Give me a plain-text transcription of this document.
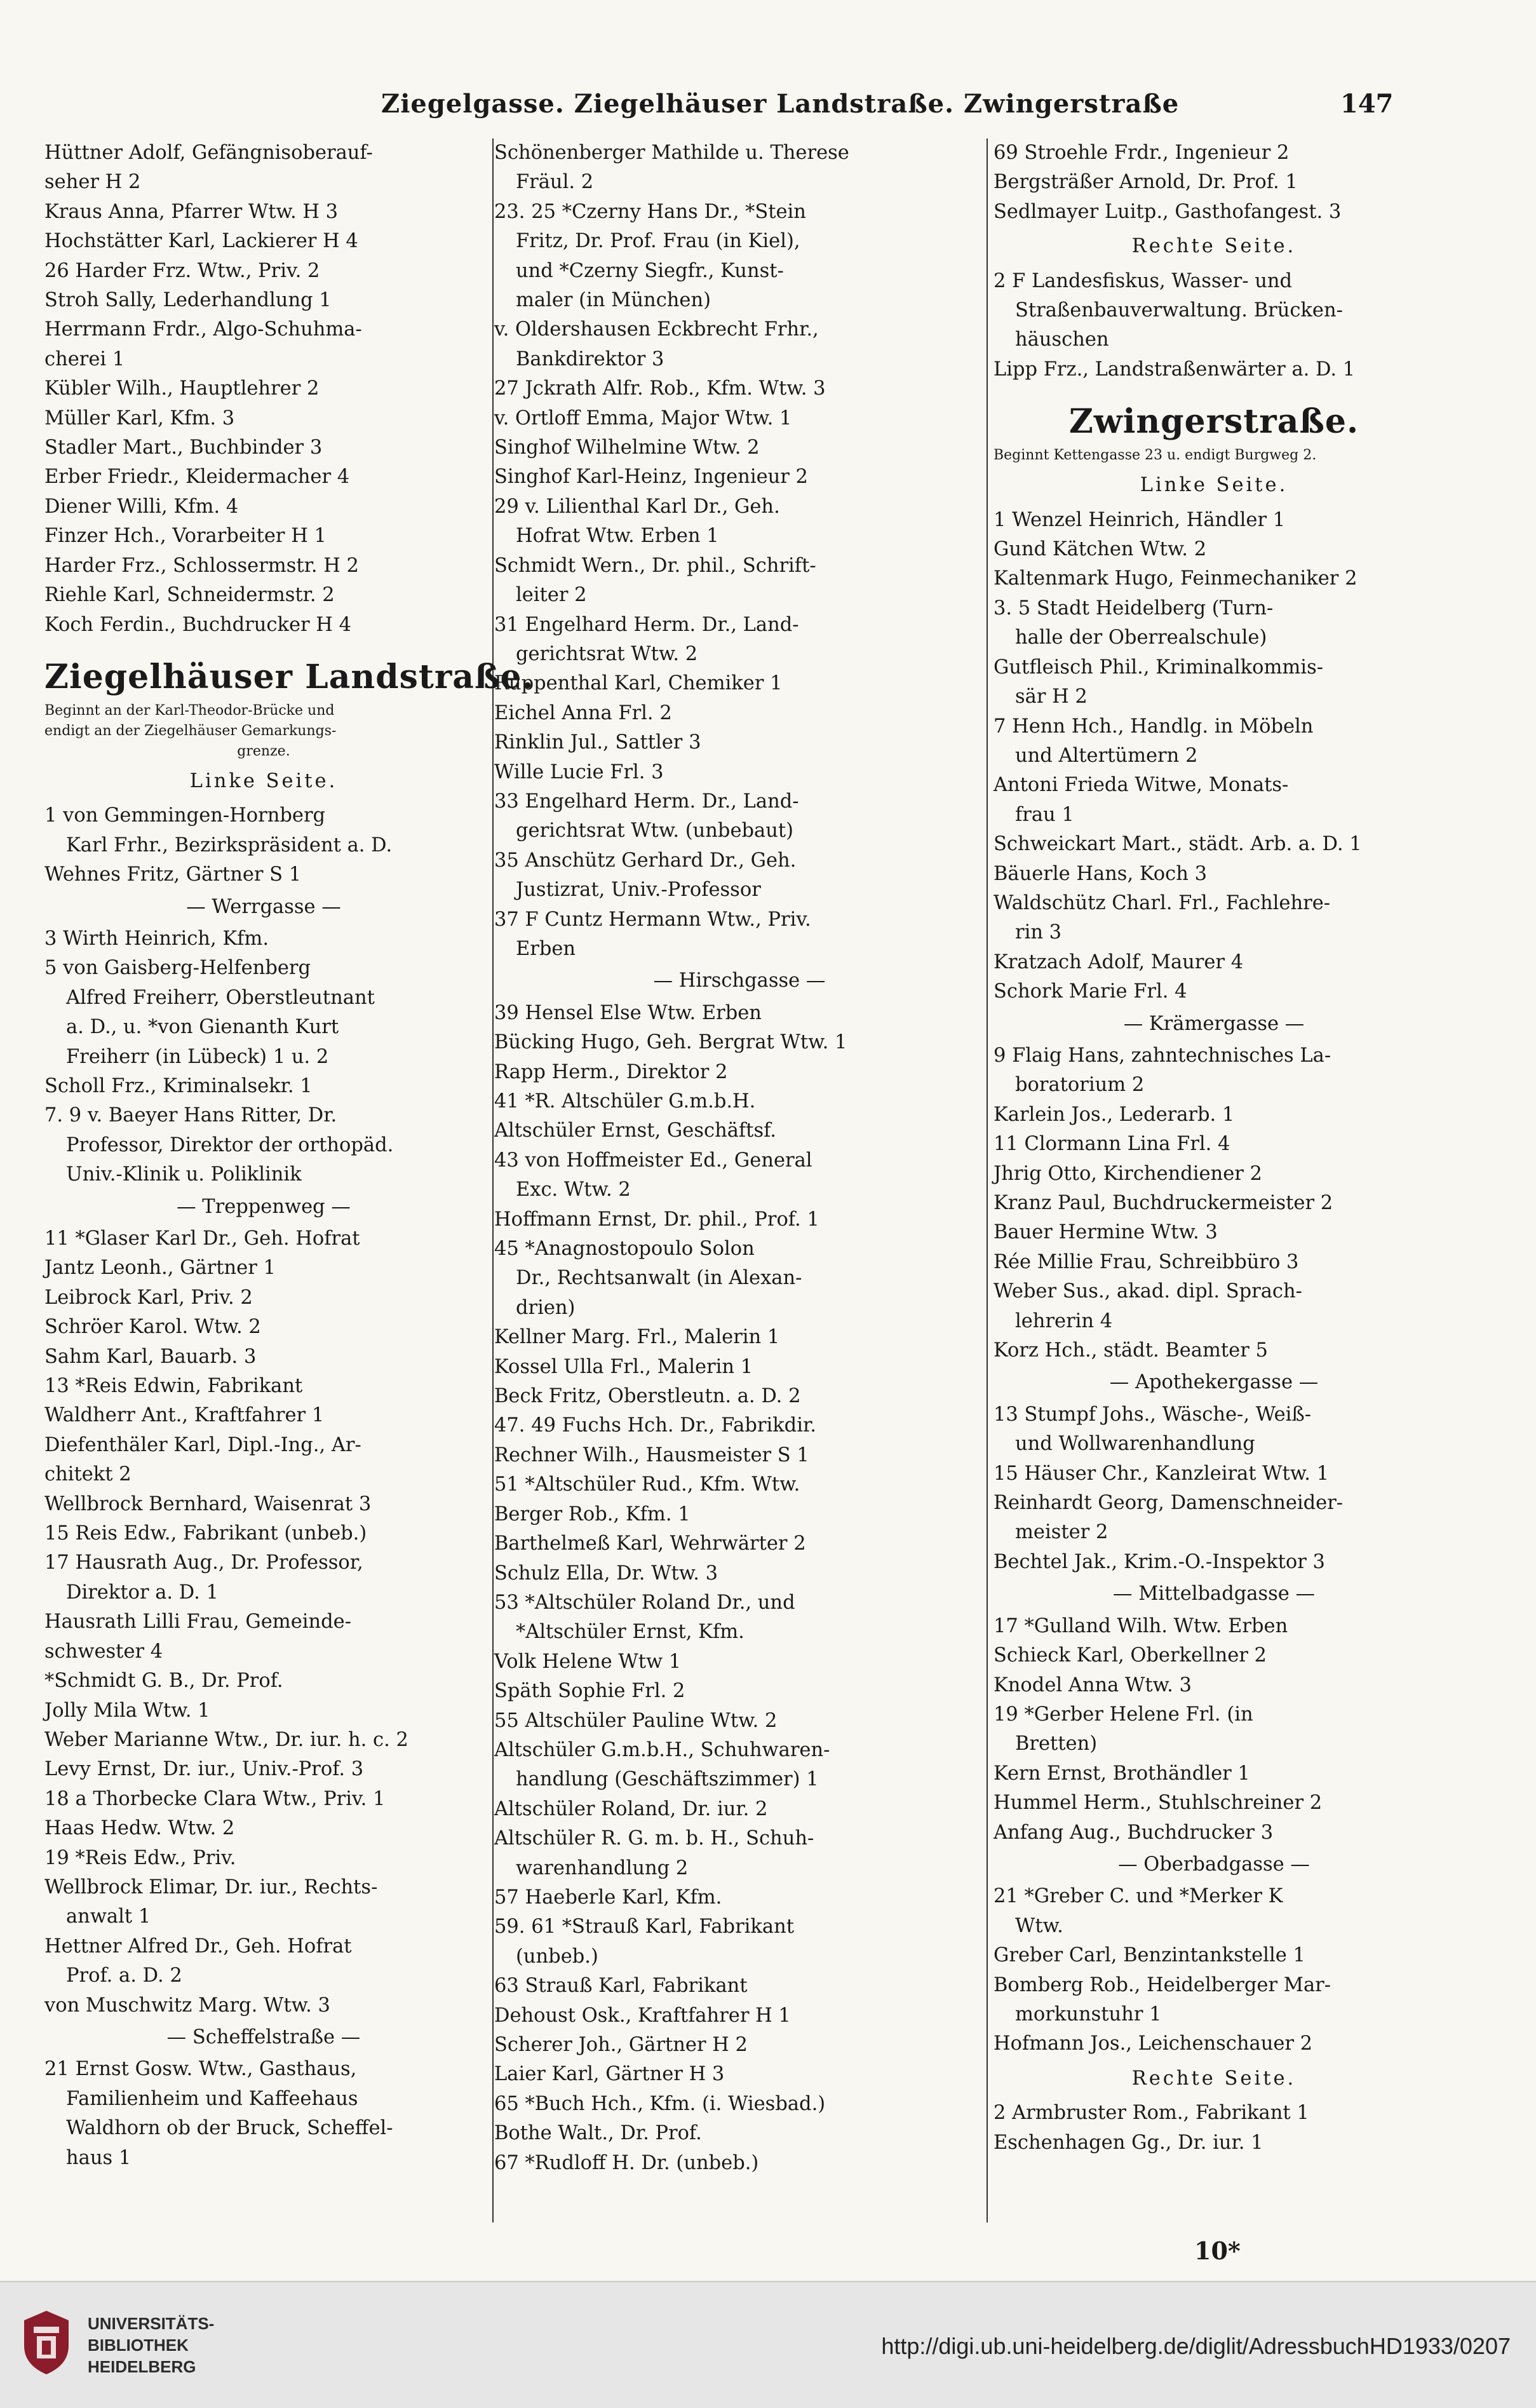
Ziegelgasse. Ziegelhäuser Landstraße. Zwingerstraße	147
Hüttner Adolf, Gefängnisoberauf-
seher H 2
Kraus Anna, Pfarrer Wtw. H 3
Hochstätter Karl, Lackierer H 4
26 Harder Frz. Wtw., Priv. 2
Stroh Sally, Lederhandlung 1
Herrmann Frdr., Algo-Schuhma-
cherei 1
Kübler Wilh., Hauptlehrer 2
Müller Karl, Kfm. 3
Stadler Mart., Buchbinder 3
Erber Friedr., Kleidermacher 4
Diener Willi, Kfm. 4
Finzer Hch., Vorarbeiter H 1
Harder Frz., Schlossermstr. H 2
Riehle Karl, Schneidermstr. 2
Koch Ferdin., Buchdrucker H 4
Ziegelhäuser Landstraße.
Beginnt an der Karl-Theodor-Brücke und
endigt an der Ziegelhäuser Gemarkungs-
grenze.
Linke Seite.
1 von Gemmingen-Hornberg
Karl Frhr., Bezirkspräsident a. D.
Wehnes Fritz, Gärtner S 1
— Werrgasse —
3 Wirth Heinrich, Kfm.
5 von Gaisberg-Helfenberg
Alfred Freiherr, Oberstleutnant
a. D., u. *von Gienanth Kurt
Freiherr (in Lübeck) 1 u. 2
Scholl Frz., Kriminalsekr. 1
7. 9 v. Baeyer Hans Ritter, Dr.
Professor, Direktor der orthopäd.
Univ.-Klinik u. Poliklinik
— Treppenweg —
11 *Glaser Karl Dr., Geh. Hofrat
Jantz Leonh., Gärtner 1
Leibrock Karl, Priv. 2
Schröer Karol. Wtw. 2
Sahm Karl, Bauarb. 3
13 *Reis Edwin, Fabrikant
Waldherr Ant., Kraftfahrer 1
Diefenthäler Karl, Dipl.-Ing., Ar-
chitekt 2
Wellbrock Bernhard, Waisenrat 3
15 Reis Edw., Fabrikant (unbeb.)
17 Hausrath Aug., Dr. Professor,
Direktor a. D. 1
Hausrath Lilli Frau, Gemeinde-
schwester 4
*Schmidt G. B., Dr. Prof.
Jolly Mila Wtw. 1
Weber Marianne Wtw., Dr. iur. h. c. 2
Levy Ernst, Dr. iur., Univ.-Prof. 3
18 a Thorbecke Clara Wtw., Priv. 1
Haas Hedw. Wtw. 2
19 *Reis Edw., Priv.
Wellbrock Elimar, Dr. iur., Rechts-
anwalt 1
Hettner Alfred Dr., Geh. Hofrat
Prof. a. D. 2
von Muschwitz Marg. Wtw. 3
— Scheffelstraße —
21 Ernst Gosw. Wtw., Gasthaus,
Familienheim und Kaffeehaus
Waldhorn ob der Bruck, Scheffel-
haus 1
Schönenberger Mathilde u. Therese
Fräul. 2
23. 25 *Czerny Hans Dr., *Stein
Fritz, Dr. Prof. Frau (in Kiel),
und *Czerny Siegfr., Kunst-
maler (in München)
v. Oldershausen Eckbrecht Frhr.,
Bankdirektor 3
27 Jckrath Alfr. Rob., Kfm. Wtw. 3
v. Ortloff Emma, Major Wtw. 1
Singhof Wilhelmine Wtw. 2
Singhof Karl-Heinz, Ingenieur 2
29 v. Lilienthal Karl Dr., Geh.
Hofrat Wtw. Erben 1
Schmidt Wern., Dr. phil., Schrift-
leiter 2
31 Engelhard Herm. Dr., Land-
gerichtsrat Wtw. 2
Ruppenthal Karl, Chemiker 1
Eichel Anna Frl. 2
Rinklin Jul., Sattler 3
Wille Lucie Frl. 3
33 Engelhard Herm. Dr., Land-
gerichtsrat Wtw. (unbebaut)
35 Anschütz Gerhard Dr., Geh.
Justizrat, Univ.-Professor
37 F Cuntz Hermann Wtw., Priv.
Erben
— Hirschgasse —
39 Hensel Else Wtw. Erben
Bücking Hugo, Geh. Bergrat Wtw. 1
Rapp Herm., Direktor 2
41 *R. Altschüler G.m.b.H.
Altschüler Ernst, Geschäftsf.
43 von Hoffmeister Ed., General
Exc. Wtw. 2
Hoffmann Ernst, Dr. phil., Prof. 1
45 *Anagnostopoulo Solon
Dr., Rechtsanwalt (in Alexan-
drien)
Kellner Marg. Frl., Malerin 1
Kossel Ulla Frl., Malerin 1
Beck Fritz, Oberstleutn. a. D. 2
47. 49 Fuchs Hch. Dr., Fabrikdir.
Rechner Wilh., Hausmeister S 1
51 *Altschüler Rud., Kfm. Wtw.
Berger Rob., Kfm. 1
Barthelmeß Karl, Wehrwärter 2
Schulz Ella, Dr. Wtw. 3
53 *Altschüler Roland Dr., und
*Altschüler Ernst, Kfm.
Volk Helene Wtw 1
Späth Sophie Frl. 2
55 Altschüler Pauline Wtw. 2
Altschüler G.m.b.H., Schuhwaren-
handlung (Geschäftszimmer) 1
Altschüler Roland, Dr. iur. 2
Altschüler R. G. m. b. H., Schuh-
warenhandlung 2
57 Haeberle Karl, Kfm.
59. 61 *Strauß Karl, Fabrikant
(unbeb.)
63 Strauß Karl, Fabrikant
Dehoust Osk., Kraftfahrer H 1
Scherer Joh., Gärtner H 2
Laier Karl, Gärtner H 3
65 *Buch Hch., Kfm. (i. Wiesbad.)
Bothe Walt., Dr. Prof.
67 *Rudloff H. Dr. (unbeb.)
69 Stroehle Frdr., Ingenieur 2
Bergsträßer Arnold, Dr. Prof. 1
Sedlmayer Luitp., Gasthofangest. 3
Rechte Seite.
2 F Landesfiskus, Wasser- und
Straßenbauverwaltung. Brücken-
häuschen
Lipp Frz., Landstraßenwärter a. D. 1
Zwingerstraße.
Beginnt Kettengasse 23 u. endigt Burgweg 2.
Linke Seite.
1 Wenzel Heinrich, Händler 1
Gund Kätchen Wtw. 2
Kaltenmark Hugo, Feinmechaniker 2
3. 5 Stadt Heidelberg (Turn-
halle der Oberrealschule)
Gutfleisch Phil., Kriminalkommis-
sär H 2
7 Henn Hch., Handlg. in Möbeln
und Altertümern 2
Antoni Frieda Witwe, Monats-
frau 1
Schweickart Mart., städt. Arb. a. D. 1
Bäuerle Hans, Koch 3
Waldschütz Charl. Frl., Fachlehre-
rin 3
Kratzach Adolf, Maurer 4
Schork Marie Frl. 4
— Krämergasse —
9 Flaig Hans, zahntechnisches La-
boratorium 2
Karlein Jos., Lederarb. 1
11 Clormann Lina Frl. 4
Jhrig Otto, Kirchendiener 2
Kranz Paul, Buchdruckermeister 2
Bauer Hermine Wtw. 3
Rée Millie Frau, Schreibbüro 3
Weber Sus., akad. dipl. Sprach-
lehrerin 4
Korz Hch., städt. Beamter 5
— Apothekergasse —
13 Stumpf Johs., Wäsche-, Weiß-
und Wollwarenhandlung
15 Häuser Chr., Kanzleirat Wtw. 1
Reinhardt Georg, Damenschneider-
meister 2
Bechtel Jak., Krim.-O.-Inspektor 3
— Mittelbadgasse —
17 *Gulland Wilh. Wtw. Erben
Schieck Karl, Oberkellner 2
Knodel Anna Wtw. 3
19 *Gerber Helene Frl. (in
Bretten)
Kern Ernst, Brothändler 1
Hummel Herm., Stuhlschreiner 2
Anfang Aug., Buchdrucker 3
— Oberbadgasse —
21 *Greber C. und *Merker K
Wtw.
Greber Carl, Benzintankstelle 1
Bomberg Rob., Heidelberger Mar-
morkunstuhr 1
Hofmann Jos., Leichenschauer 2
Rechte Seite.
2 Armbruster Rom., Fabrikant 1
Eschenhagen Gg., Dr. iur. 1
10*
UNIVERSITÄTS-
BIBLIOTHEK
HEIDELBERG
http://digi.ub.uni-heidelberg.de/diglit/AdressbuchHD1933/0207
